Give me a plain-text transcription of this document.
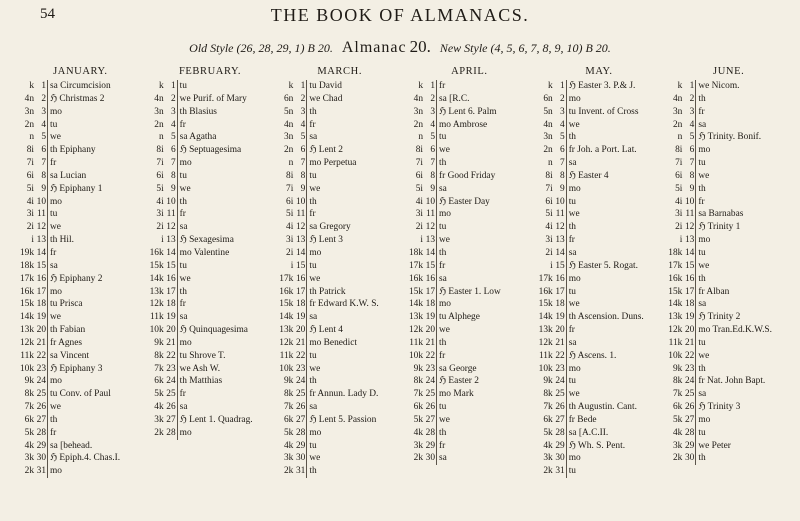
54	THE BOOK OF ALMANACS.
Old Style (26, 28, 29, 1) B 20. Almanac 20. New Style (4, 5, 6, 7, 8, 9, 10) B 20.
JANUARY.
k 1 sa Circumcision
4n 2 ℌ Christmas 2
3n 3 mo
2n 4 tu
n 5 we
8i 6 th Epiphany
7i 7 fr
6i 8 sa Lucian
5i 9 ℌ Epiphany 1
4i 10 mo
3i 11 tu
2i 12 we
i 13 th Hil.
19k 14 fr
18k 15 sa
17k 16 ℌ Epiphany 2
16k 17 mo
15k 18 tu Prisca
14k 19 we
13k 20 th Fabian
12k 21 fr Agnes
11k 22 sa Vincent
10k 23 ℌ Epiphany 3
9k 24 mo
8k 25 tu Conv. of Paul
7k 26 we
6k 27 th
5k 28 fr
4k 29 sa [behead.
3k 30 ℌ Epiph.4. Chas.I.
2k 31 mo
FEBRUARY.
k 1 tu
4n 2 we Purif. of Mary
3n 3 th Blasius
2n 4 fr
n 5 sa Agatha
8i 6 ℌ Septuagesima
7i 7 mo
6i 8 tu
5i 9 we
4i 10 th
3i 11 fr
2i 12 sa
i 13 ℌ Sexagesima
16k 14 mo Valentine
15k 15 tu
14k 16 we
13k 17 th
12k 18 fr
11k 19 sa
10k 20 ℌ Quinquagesima
9k 21 mo
8k 22 tu Shrove T.
7k 23 we Ash W.
6k 24 th Matthias
5k 25 fr
4k 26 sa
3k 27 ℌ Lent 1. Quadrag.
2k 28 mo
MARCH.
k 1 tu David
6n 2 we Chad
5n 3 th
4n 4 fr
3n 5 sa
2n 6 ℌ Lent 2
n 7 mo Perpetua
8i 8 tu
7i 9 we
6i 10 th
5i 11 fr
4i 12 sa Gregory
3i 13 ℌ Lent 3
2i 14 mo
i 15 tu
17k 16 we
16k 17 th Patrick
15k 18 fr Edward K.W. S.
14k 19 sa
13k 20 ℌ Lent 4
12k 21 mo Benedict
11k 22 tu
10k 23 we
9k 24 th
8k 25 fr Annun. Lady D.
7k 26 sa
6k 27 ℌ Lent 5. Passion
5k 28 mo
4k 29 tu
3k 30 we
2k 31 th
APRIL.
k 1 fr
4n 2 sa [R.C.
3n 3 ℌ Lent 6. Palm
2n 4 mo Ambrose
n 5 tu
8i 6 we
7i 7 th
6i 8 fr Good Friday
5i 9 sa
4i 10 ℌ Easter Day
3i 11 mo
2i 12 tu
i 13 we
18k 14 th
17k 15 fr
16k 16 sa
15k 17 ℌ Easter 1. Low
14k 18 mo
13k 19 tu Alphege
12k 20 we
11k 21 th
10k 22 fr
9k 23 sa George
8k 24 ℌ Easter 2
7k 25 mo Mark
6k 26 tu
5k 27 we
4k 28 th
3k 29 fr
2k 30 sa
MAY.
k 1 ℌ Easter 3. P.& J.
6n 2 mo
5n 3 tu Invent. of Cross
4n 4 we
3n 5 th
2n 6 fr Joh. a Port. Lat.
n 7 sa
8i 8 ℌ Easter 4
7i 9 mo
6i 10 tu
5i 11 we
4i 12 th
3i 13 fr
2i 14 sa
i 15 ℌ Easter 5. Rogat.
17k 16 mo
16k 17 tu
15k 18 we
14k 19 th Ascension. Duns.
13k 20 fr
12k 21 sa
11k 22 ℌ Ascens. 1.
10k 23 mo
9k 24 tu
8k 25 we
7k 26 th Augustin. Cant.
6k 27 fr Bede
5k 28 sa [A.C.II.
4k 29 ℌ Wh. S. Pent.
3k 30 mo
2k 31 tu
JUNE.
k 1 we Nicom.
4n 2 th
3n 3 fr
2n 4 sa
n 5 ℌ Trinity. Bonif.
8i 6 mo
7i 7 tu
6i 8 we
5i 9 th
4i 10 fr
3i 11 sa Barnabas
2i 12 ℌ Trinity 1
i 13 mo
18k 14 tu
17k 15 we
16k 16 th
15k 17 fr Alban
14k 18 sa
13k 19 ℌ Trinity 2
12k 20 mo Tran.Ed.K.W.S.
11k 21 tu
10k 22 we
9k 23 th
8k 24 fr Nat. John Bapt.
7k 25 sa
6k 26 ℌ Trinity 3
5k 27 mo
4k 28 tu
3k 29 we Peter
2k 30 th
